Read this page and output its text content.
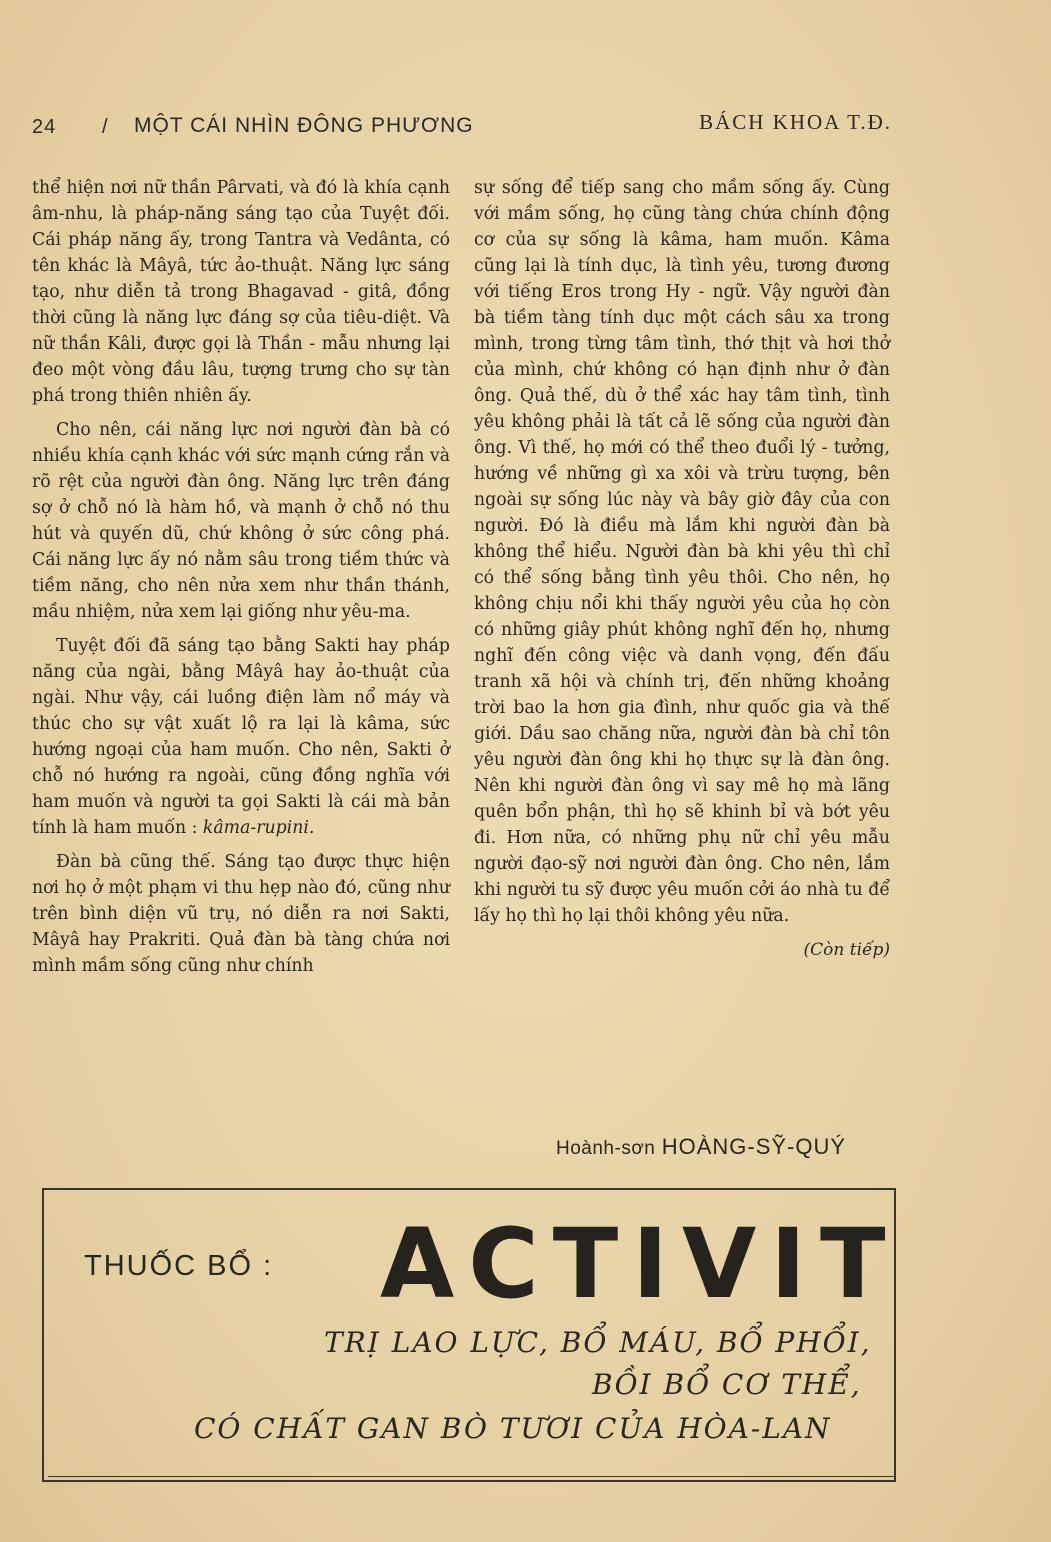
24 / MỘT CÁI NHÌN ĐÔNG PHƯƠNG	BÁCH KHOA T.Đ.

thể hiện nơi nữ thần Pârvati, và đó là khía cạnh âm-nhu, là pháp-năng sáng tạo của Tuyệt đối. Cái pháp năng ấy, trong Tantra và Vedânta, có tên khác là Mâyâ, tức ảo-thuật. Năng lực sáng tạo, như diễn tả trong Bhagavad - gitâ, đồng thời cũng là năng lực đáng sợ của tiêu-diệt. Và nữ thần Kâli, được gọi là Thần - mẫu nhưng lại đeo một vòng đầu lâu, tượng trưng cho sự tàn phá trong thiên nhiên ấy.

Cho nên, cái năng lực nơi người đàn bà có nhiều khía cạnh khác với sức mạnh cứng rắn và rõ rệt của người đàn ông. Năng lực trên đáng sợ ở chỗ nó là hàm hồ, và mạnh ở chỗ nó thu hút và quyến dũ, chứ không ở sức công phá. Cái năng lực ấy nó nằm sâu trong tiềm thức và tiềm năng, cho nên nửa xem như thần thánh, mầu nhiệm, nửa xem lại giống như yêu-ma.

Tuyệt đối đã sáng tạo bằng Sakti hay pháp năng của ngài, bằng Mâyâ hay ảo-thuật của ngài. Như vậy, cái luồng điện làm nổ máy và thúc cho sự vật xuất lộ ra lại là kâma, sức hướng ngoại của ham muốn. Cho nên, Sakti ở chỗ nó hướng ra ngoài, cũng đồng nghĩa với ham muốn và người ta gọi Sakti là cái mà bản tính là ham muốn : kâma-rupini.

Đàn bà cũng thế. Sáng tạo được thực hiện nơi họ ở một phạm vi thu hẹp nào đó, cũng như trên bình diện vũ trụ, nó diễn ra nơi Sakti, Mâyâ hay Prakriti. Quả đàn bà tàng chứa nơi mình mầm sống cũng như chính

sự sống để tiếp sang cho mầm sống ấy. Cùng với mầm sống, họ cũng tàng chứa chính động cơ của sự sống là kâma, ham muốn. Kâma cũng lại là tính dục, là tình yêu, tương đương với tiếng Eros trong Hy - ngữ. Vậy người đàn bà tiềm tàng tính dục một cách sâu xa trong mình, trong từng tâm tình, thớ thịt và hơi thở của mình, chứ không có hạn định như ở đàn ông. Quả thế, dù ở thể xác hay tâm tình, tình yêu không phải là tất cả lẽ sống của người đàn ông. Vì thế, họ mới có thể theo đuổi lý - tưởng, hướng về những gì xa xôi và trừu tượng, bên ngoài sự sống lúc này và bây giờ đây của con người. Đó là điều mà lắm khi người đàn bà không thể hiểu. Người đàn bà khi yêu thì chỉ có thể sống bằng tình yêu thôi. Cho nên, họ không chịu nổi khi thấy người yêu của họ còn có những giây phút không nghĩ đến họ, nhưng nghĩ đến công việc và danh vọng, đến đấu tranh xã hội và chính trị, đến những khoảng trời bao la hơn gia đình, như quốc gia và thế giới. Dầu sao chăng nữa, người đàn bà chỉ tôn yêu người đàn ông khi họ thực sự là đàn ông. Nên khi người đàn ông vì say mê họ mà lãng quên bổn phận, thì họ sẽ khinh bỉ và bớt yêu đi. Hơn nữa, có những phụ nữ chỉ yêu mẫu người đạo-sỹ nơi người đàn ông. Cho nên, lắm khi người tu sỹ được yêu muốn cởi áo nhà tu để lấy họ thì họ lại thôi không yêu nữa.

(Còn tiếp)
Hoành-sơn HOÀNG-SỸ-QUÝ
THUỐC BỔ : ACTIVIT
TRỊ LAO LỰC, BỔ MÁU, BỔ PHỔI,
BỒI BỔ CƠ THỂ,
CÓ CHẤT GAN BÒ TƯƠI CỦA HÒA-LAN
